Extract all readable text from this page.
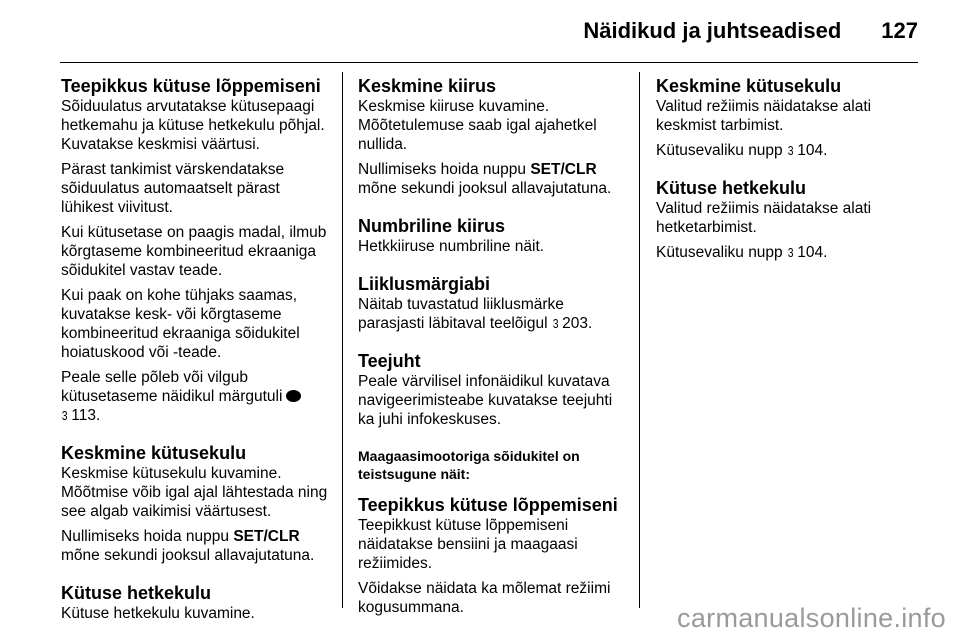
Näidikud ja juhtseadised 127
Teepikkus kütuse lõppemiseni

Sõiduulatus arvutatakse kütusepaagi hetkemahu ja kütuse hetkekulu põhjal. Kuvatakse keskmisi väärtusi.

Pärast tankimist värskendatakse sõiduulatus automaatselt pärast lühikest viivitust.

Kui kütusetase on paagis madal, ilmub kõrgtaseme kombineeritud ekraaniga sõidukitel vastav teade.

Kui paak on kohe tühjaks saamas, kuvatakse kesk- või kõrgtaseme kombineeritud ekraaniga sõidukitel hoiatuskood või -teade.

Peale selle põleb või vilgub kütusetaseme näidikul märgutuli
3 113.

Keskmine kütusekulu

Keskmise kütusekulu kuvamine. Mõõtmise võib igal ajal lähtestada ning see algab vaikimisi väärtusest.

Nullimiseks hoida nuppu SET/CLR mõne sekundi jooksul allavajutatuna.

Kütuse hetkekulu

Kütuse hetkekulu kuvamine.

Keskmine kiirus

Keskmise kiiruse kuvamine. Mõõtetulemuse saab igal ajahetkel nullida.

Nullimiseks hoida nuppu SET/CLR mõne sekundi jooksul allavajutatuna.

Numbriline kiirus

Hetkkiiruse numbriline näit.

Liiklusmärgiabi

Näitab tuvastatud liiklusmärke parasjasti läbitaval teelõigul 3 203.

Teejuht

Peale värvilisel infonäidikul kuvatava navigeerimisteabe kuvatakse teejuhti ka juhi infokeskuses.

Maagaasimootoriga sõidukitel on teistsugune näit:
Teepikkus kütuse lõppemiseni

Teepikkust kütuse lõppemiseni näidatakse bensiini ja maagaasi režiimides.

Võidakse näidata ka mõlemat režiimi kogusummana.

Keskmine kütusekulu

Valitud režiimis näidatakse alati keskmist tarbimist.

Kütusevaliku nupp 3 104.

Kütuse hetkekulu

Valitud režiimis näidatakse alati hetketarbimist.

Kütusevaliku nupp 3 104.

carmanualsonline.info
